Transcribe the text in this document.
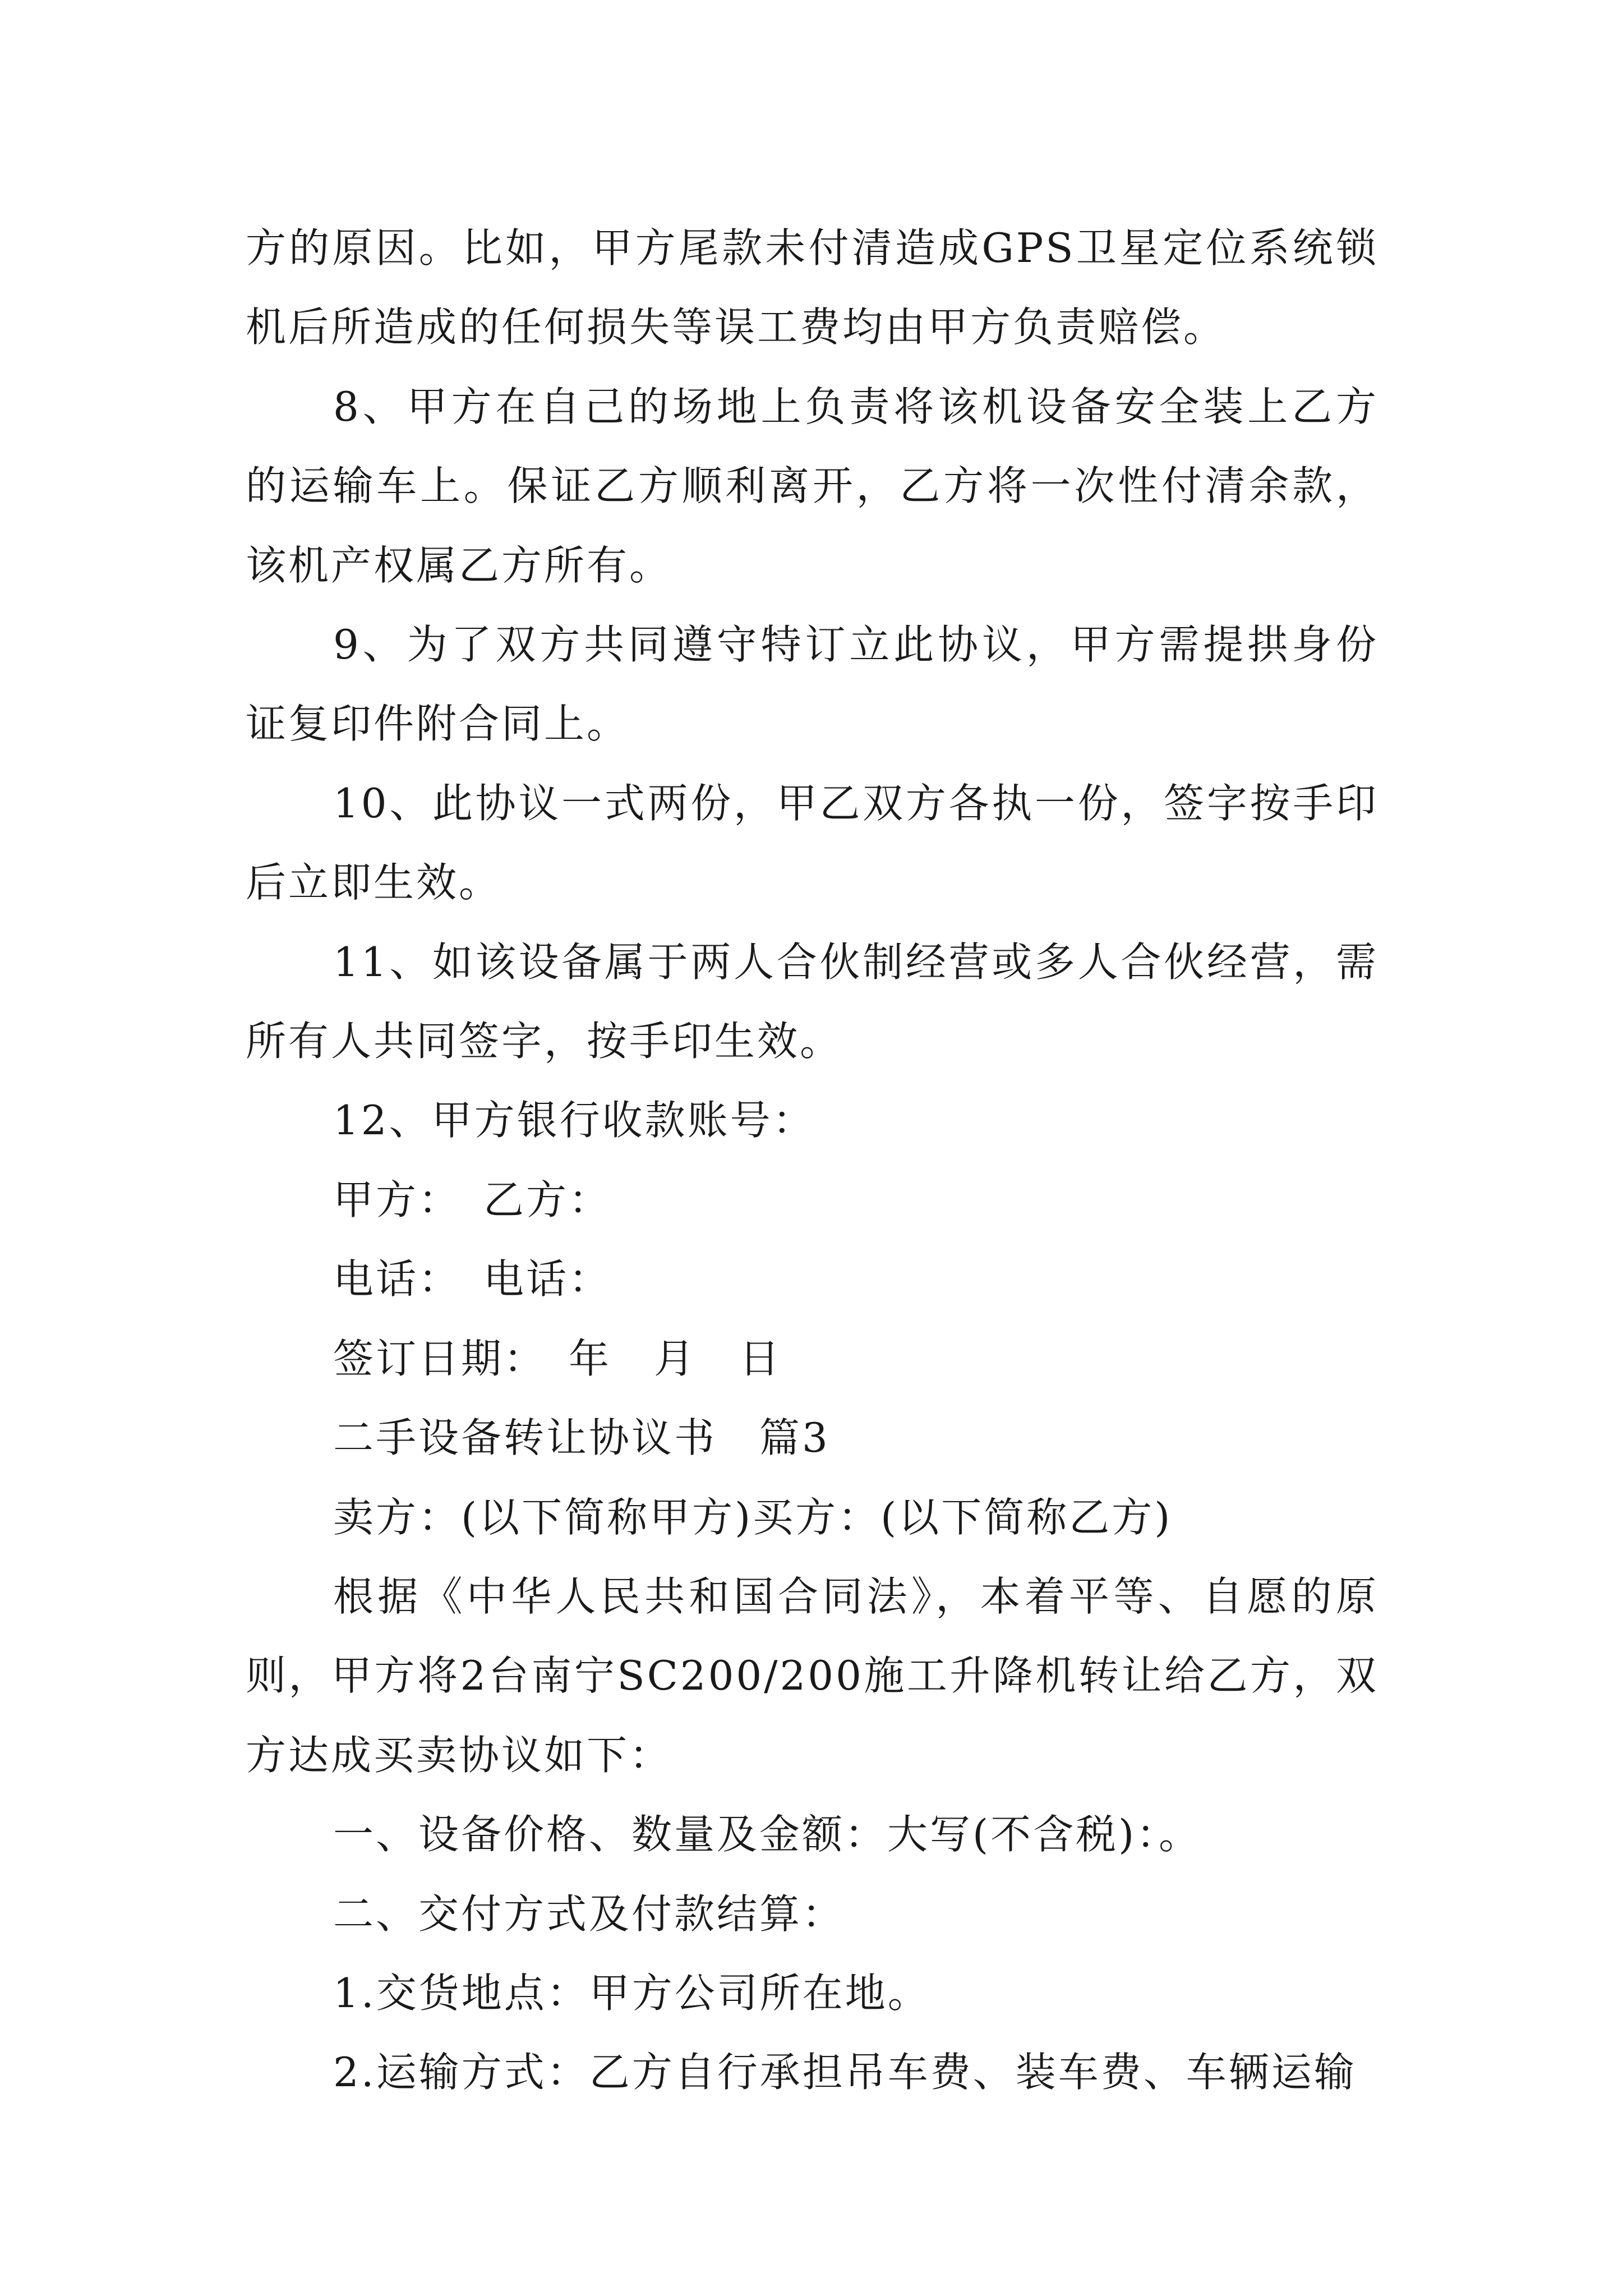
方的原因。比如，甲方尾款未付清造成GPS卫星定位系统锁机后所造成的任何损失等误工费均由甲方负责赔偿。

8、甲方在自己的场地上负责将该机设备安全装上乙方的运输车上。保证乙方顺利离开，乙方将一次性付清余款，该机产权属乙方所有。

9、为了双方共同遵守特订立此协议，甲方需提拱身份证复印件附合同上。

10、此协议一式两份，甲乙双方各执一份，签字按手印后立即生效。

11、如该设备属于两人合伙制经营或多人合伙经营，需所有人共同签字，按手印生效。

12、甲方银行收款账号：

甲方：　乙方：

电话：　电话：

签订日期：　年　月　日

二手设备转让协议书　篇3

卖方：(以下简称甲方)买方：(以下简称乙方)

根据《中华人民共和国合同法》，本着平等、自愿的原则，甲方将2台南宁SC200/200施工升降机转让给乙方，双方达成买卖协议如下：

一、设备价格、数量及金额：大写(不含税)：。

二、交付方式及付款结算：

1.交货地点：甲方公司所在地。

2.运输方式：乙方自行承担吊车费、装车费、车辆运输
